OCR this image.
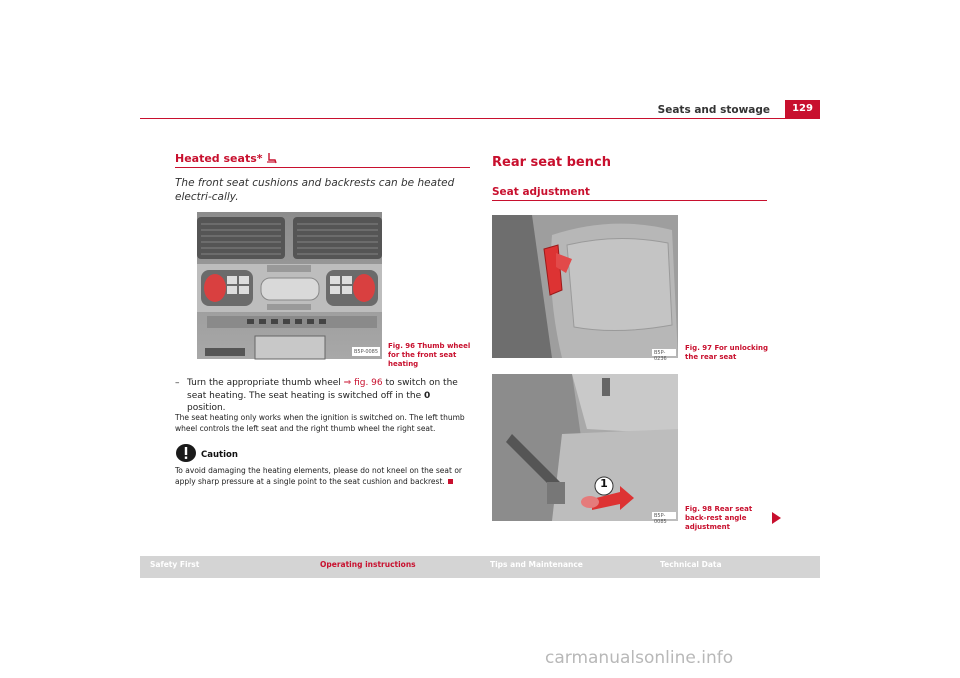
Seats and stowage	129
Heated seats*
The front seat cushions and backrests can be heated electri-cally.
B5P-0085
Fig. 96 Thumb wheel for the front seat heating
– Turn the appropriate thumb wheel ⇒ fig. 96 to switch on the seat heating. The seat heating is switched off in the 0 position.
The seat heating only works when the ignition is switched on. The left thumb wheel controls the left seat and the right thumb wheel the right seat.
Caution
To avoid damaging the heating elements, please do not kneel on the seat or apply sharp pressure at a single point to the seat cushion and backrest.
Rear seat bench
Seat adjustment
B5P-0236
Fig. 97 For unlocking the rear seat
1
B5P-0085
Fig. 98 Rear seat back-rest angle adjustment
Safety First	Operating instructions	Tips and Maintenance	Technical Data
carmanualsonline.info
